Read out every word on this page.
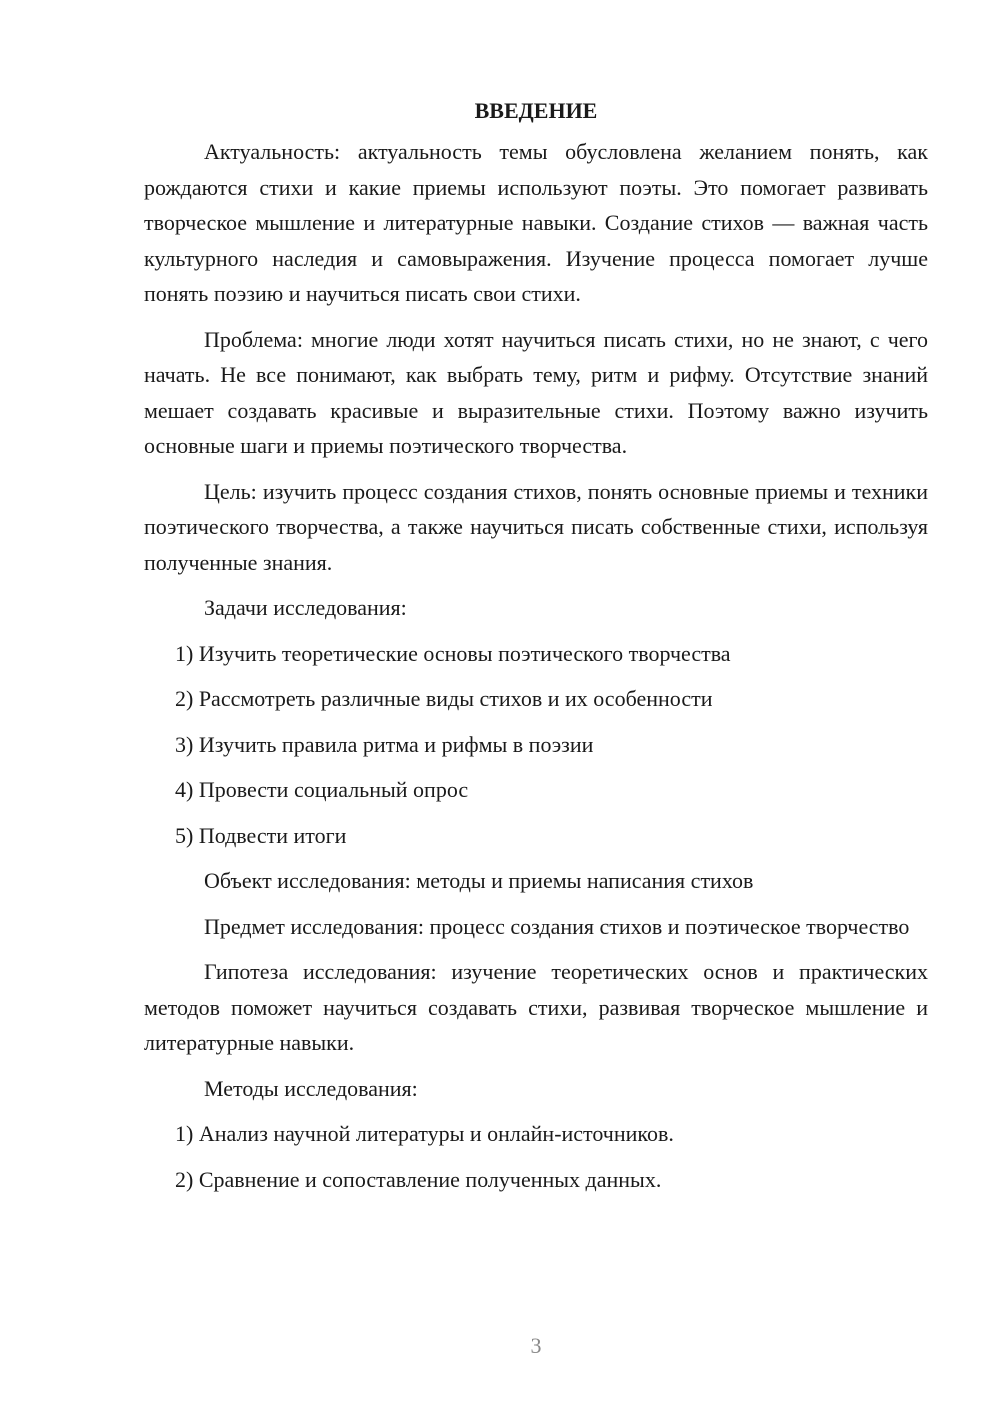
ВВЕДЕНИЕ

Актуальность: актуальность темы обусловлена желанием понять, как рождаются стихи и какие приемы используют поэты. Это помогает развивать творческое мышление и литературные навыки. Создание стихов — важная часть культурного наследия и самовыражения. Изучение процесса помогает лучше понять поэзию и научиться писать свои стихи.

Проблема: многие люди хотят научиться писать стихи, но не знают, с чего начать. Не все понимают, как выбрать тему, ритм и рифму. Отсутствие знаний мешает создавать красивые и выразительные стихи. Поэтому важно изучить основные шаги и приемы поэтического творчества.

Цель: изучить процесс создания стихов, понять основные приемы и техники поэтического творчества, а также научиться писать собственные стихи, используя полученные знания.

Задачи исследования:

1) Изучить теоретические основы поэтического творчества
2) Рассмотреть различные виды стихов и их особенности
3) Изучить правила ритма и рифмы в поэзии
4) Провести социальный опрос
5) Подвести итоги

Объект исследования: методы и приемы написания стихов

Предмет исследования: процесс создания стихов и поэтическое творчество

Гипотеза исследования: изучение теоретических основ и практических методов поможет научиться создавать стихи, развивая творческое мышление и литературные навыки.

Методы исследования:

1) Анализ научной литературы и онлайн-источников.
2) Сравнение и сопоставление полученных данных.
3
